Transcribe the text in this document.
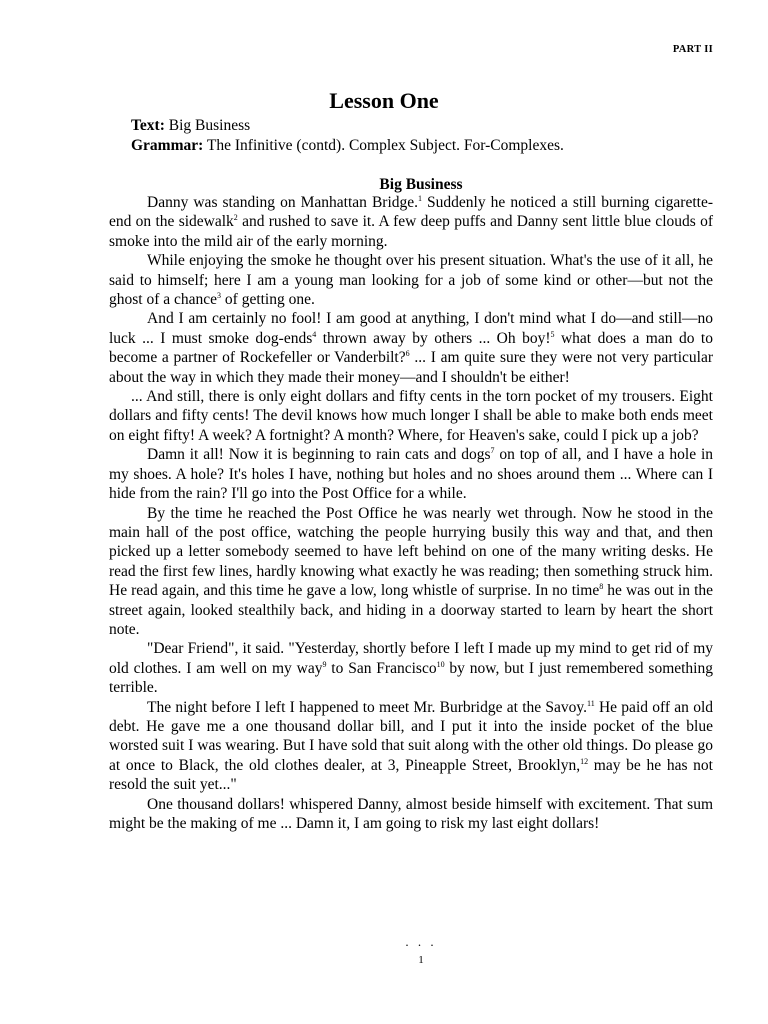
PART II
Lesson One
Text: Big Business
Grammar: The Infinitive (contd). Complex Subject. For-Complexes.
Big Business

Danny was standing on Manhattan Bridge.$^1$ Suddenly he noticed a still burning cigarette-end on the sidewalk$^2$ and rushed to save it. A few deep puffs and Danny sent little blue clouds of smoke into the mild air of the early morning.

While enjoying the smoke he thought over his present situation. What's the use of it all, he said to himself; here I am a young man looking for a job of some kind or other—but not the ghost of a chance$^3$ of getting one.

And I am certainly no fool! I am good at anything, I don't mind what I do—and still—no luck ... I must smoke dog-ends$^4$ thrown away by others ... Oh boy!$^5$ what does a man do to become a partner of Rockefeller or Vanderbilt?$^6$ ... I am quite sure they were not very particular about the way in which they made their money—and I shouldn't be either!

... And still, there is only eight dollars and fifty cents in the torn pocket of my trousers. Eight dollars and fifty cents! The devil knows how much longer I shall be able to make both ends meet on eight fifty! A week? A fortnight? A month? Where, for Heaven's sake, could I pick up a job?

Damn it all! Now it is beginning to rain cats and dogs$^7$ on top of all, and I have a hole in my shoes. A hole? It's holes I have, nothing but holes and no shoes around them ... Where can I hide from the rain? I'll go into the Post Office for a while.

By the time he reached the Post Office he was nearly wet through. Now he stood in the main hall of the post office, watching the people hurrying busily this way and that, and then picked up a letter somebody seemed to have left behind on one of the many writing desks. He read the first few lines, hardly knowing what exactly he was reading; then something struck him. He read again, and this time he gave a low, long whistle of surprise. In no time$^8$ he was out in the street again, looked stealthily back, and hiding in a doorway started to learn by heart the short note.

"Dear Friend", it said. "Yesterday, shortly before I left I made up my mind to get rid of my old clothes. I am well on my way$^9$ to San Francisco$^{10}$ by now, but I just remembered something terrible.

The night before I left I happened to meet Mr. Burbridge at the Savoy.$^{11}$ He paid off an old debt. He gave me a one thousand dollar bill, and I put it into the inside pocket of the blue worsted suit I was wearing. But I have sold that suit along with the other old things. Do please go at once to Black, the old clothes dealer, at 3, Pineapple Street, Brooklyn,$^{12}$ may be he has not resold the suit yet..."

One thousand dollars! whispered Danny, almost beside himself with excitement. That sum might be the making of me ... Damn it, I am going to risk my last eight dollars!

. . .
1
